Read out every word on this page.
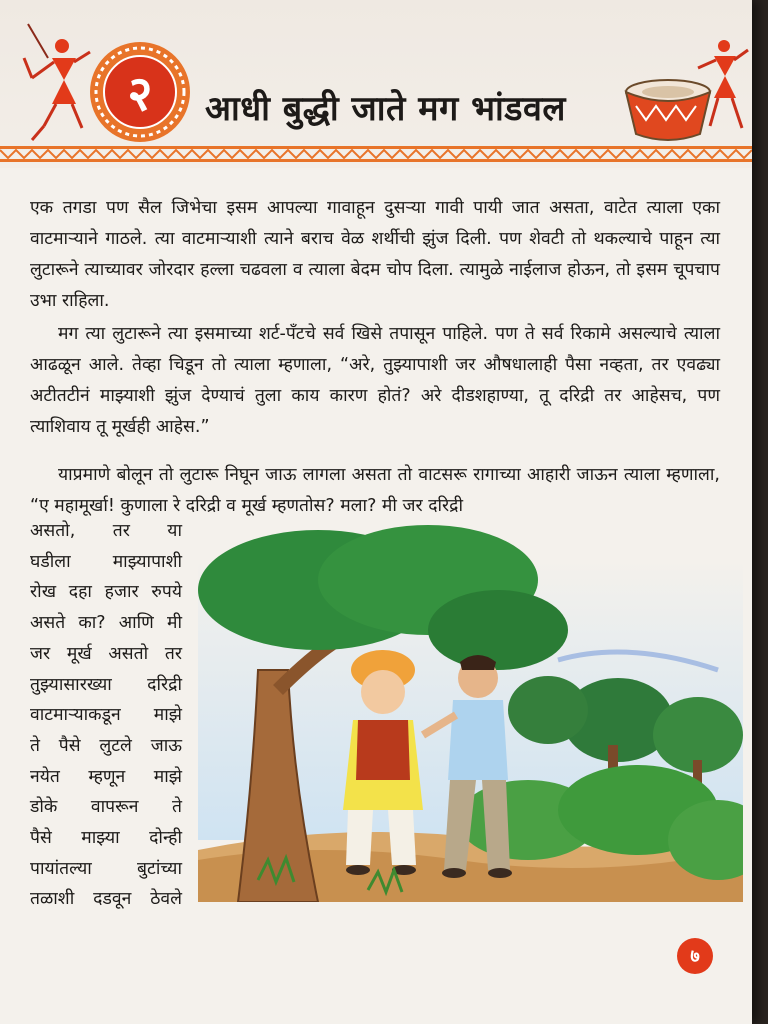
२	आधी बुद्धी जाते मग भांडवल
एक तगडा पण सैल जिभेचा इसम आपल्या गावाहून दुसऱ्या गावी पायी जात असता, वाटेत त्याला एका वाटमाऱ्याने गाठले. त्या वाटमाऱ्याशी त्याने बराच वेळ शर्थीची झुंज दिली. पण शेवटी तो थकल्याचे पाहून त्या लुटारूने त्याच्यावर जोरदार हल्ला चढवला व त्याला बेदम चोप दिला. त्यामुळे नाईलाज होऊन, तो इसम चूपचाप उभा राहिला.
मग त्या लुटारूने त्या इसमाच्या शर्ट-पँटचे सर्व खिसे तपासून पाहिले. पण ते सर्व रिकामे असल्याचे त्याला आढळून आले. तेव्हा चिडून तो त्याला म्हणाला, “अरे, तुझ्यापाशी जर औषधालाही पैसा नव्हता, तर एवढ्या अटीतटीनं माझ्याशी झुंज देण्याचं तुला काय कारण होतं? अरे दीडशहाण्या, तू दरिद्री तर आहेसच, पण त्याशिवाय तू मूर्खही आहेस.”
याप्रमाणे बोलून तो लुटारू निघून जाऊ लागला असता तो वाटसरू रागाच्या आहारी जाऊन त्याला म्हणाला, “ए महामूर्खा! कुणाला रे दरिद्री व मूर्ख म्हणतोस? मला? मी जर दरिद्री
असतो, तर या
घडीला माझ्यापाशी
रोख दहा हजार रुपये
असते का? आणि मी
जर मूर्ख असतो तर
तुझ्यासारख्या दरिद्री
वाटमाऱ्याकडून माझे
ते पैसे लुटले जाऊ
नयेत म्हणून माझे
डोके वापरून ते
पैसे माझ्या दोन्ही
पायांतल्या बुटांच्या
तळाशी दडवून ठेवले
७
